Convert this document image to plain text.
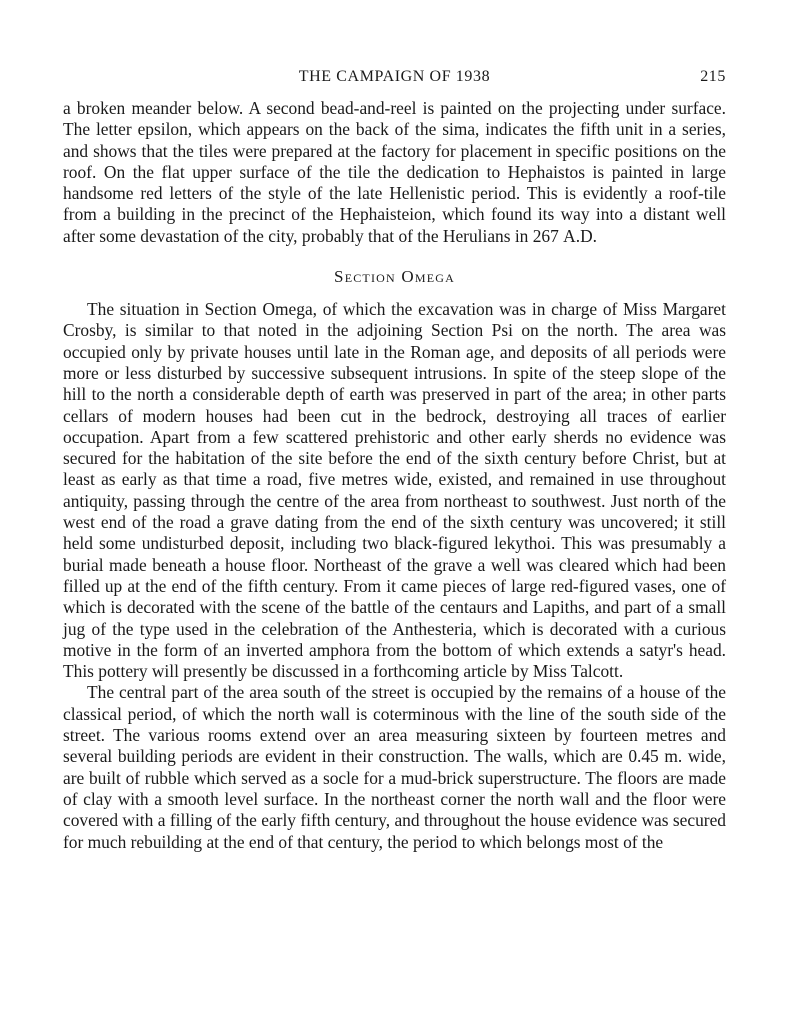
THE CAMPAIGN OF 1938	215

a broken meander below. A second bead-and-reel is painted on the projecting under surface. The letter epsilon, which appears on the back of the sima, indicates the fifth unit in a series, and shows that the tiles were prepared at the factory for placement in specific positions on the roof. On the flat upper surface of the tile the dedication to Hephaistos is painted in large handsome red letters of the style of the late Hellenistic period. This is evidently a roof-tile from a building in the precinct of the Hephaisteion, which found its way into a distant well after some devastation of the city, probably that of the Herulians in 267 A.D.

Section Omega

The situation in Section Omega, of which the excavation was in charge of Miss Margaret Crosby, is similar to that noted in the adjoining Section Psi on the north. The area was occupied only by private houses until late in the Roman age, and deposits of all periods were more or less disturbed by successive subsequent intrusions. In spite of the steep slope of the hill to the north a considerable depth of earth was preserved in part of the area; in other parts cellars of modern houses had been cut in the bedrock, destroying all traces of earlier occupation. Apart from a few scattered prehistoric and other early sherds no evidence was secured for the habitation of the site before the end of the sixth century before Christ, but at least as early as that time a road, five metres wide, existed, and remained in use throughout antiquity, passing through the centre of the area from northeast to southwest. Just north of the west end of the road a grave dating from the end of the sixth century was uncovered; it still held some undisturbed deposit, including two black-figured lekythoi. This was presumably a burial made beneath a house floor. Northeast of the grave a well was cleared which had been filled up at the end of the fifth century. From it came pieces of large red-figured vases, one of which is decorated with the scene of the battle of the centaurs and Lapiths, and part of a small jug of the type used in the celebration of the Anthesteria, which is decorated with a curious motive in the form of an inverted amphora from the bottom of which extends a satyr's head. This pottery will presently be discussed in a forthcoming article by Miss Talcott.

The central part of the area south of the street is occupied by the remains of a house of the classical period, of which the north wall is coterminous with the line of the south side of the street. The various rooms extend over an area measuring sixteen by fourteen metres and several building periods are evident in their construction. The walls, which are 0.45 m. wide, are built of rubble which served as a socle for a mud-brick superstructure. The floors are made of clay with a smooth level surface. In the northeast corner the north wall and the floor were covered with a filling of the early fifth century, and throughout the house evidence was secured for much rebuilding at the end of that century, the period to which belongs most of the
